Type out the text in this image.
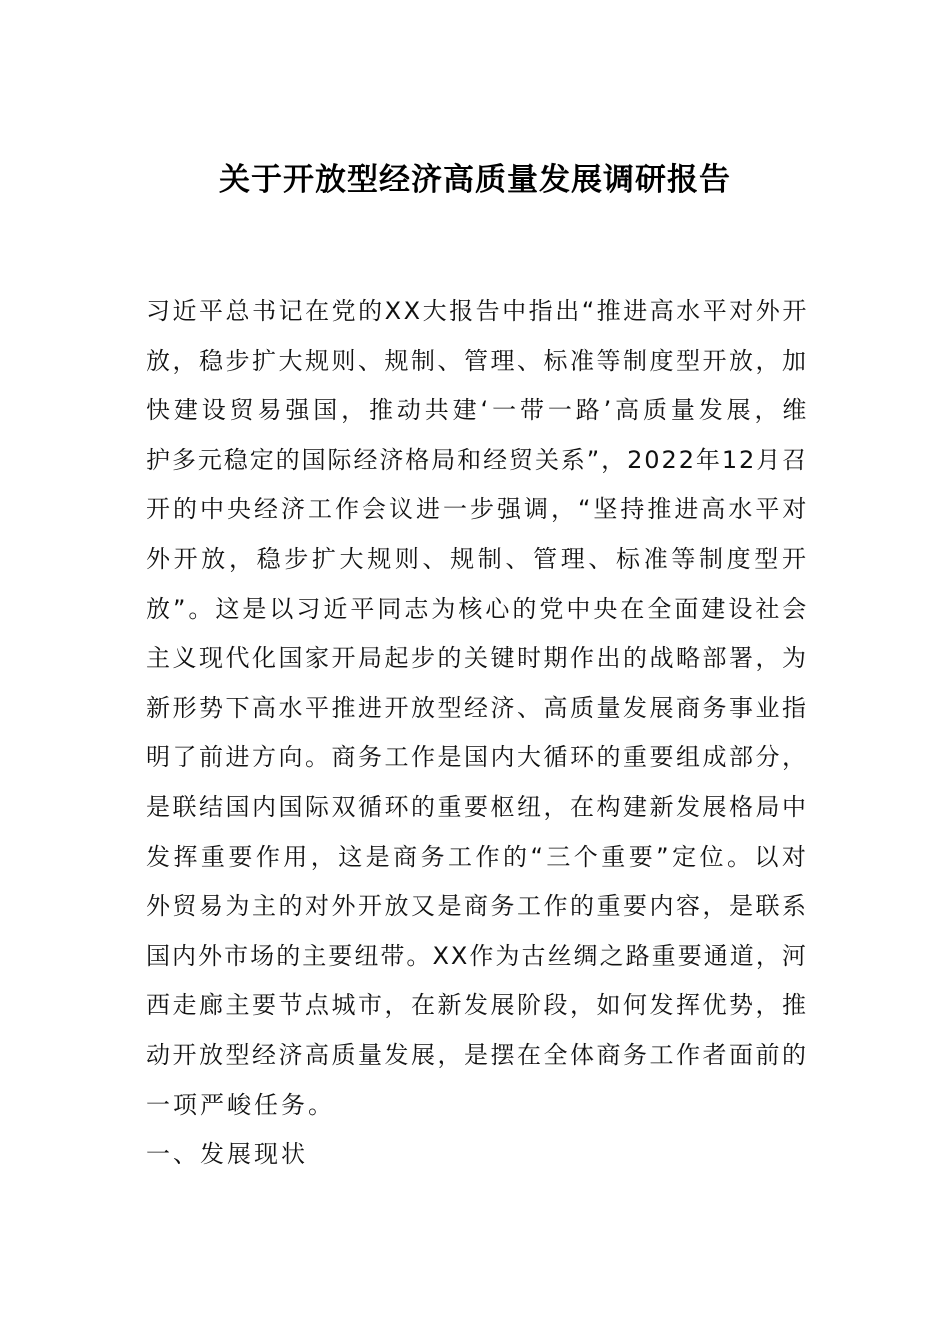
关于开放型经济高质量发展调研报告
习近平总书记在党的XX大报告中指出“推进高水平对外开
放，稳步扩大规则、规制、管理、标准等制度型开放，加
快建设贸易强国，推动共建‘一带一路’高质量发展，维
护多元稳定的国际经济格局和经贸关系”，2022年12月召
开的中央经济工作会议进一步强调，“坚持推进高水平对
外开放，稳步扩大规则、规制、管理、标准等制度型开
放”。这是以习近平同志为核心的党中央在全面建设社会
主义现代化国家开局起步的关键时期作出的战略部署，为
新形势下高水平推进开放型经济、高质量发展商务事业指
明了前进方向。商务工作是国内大循环的重要组成部分，
是联结国内国际双循环的重要枢纽，在构建新发展格局中
发挥重要作用，这是商务工作的“三个重要”定位。以对
外贸易为主的对外开放又是商务工作的重要内容，是联系
国内外市场的主要纽带。XX作为古丝绸之路重要通道，河
西走廊主要节点城市，在新发展阶段，如何发挥优势，推
动开放型经济高质量发展，是摆在全体商务工作者面前的
一项严峻任务。
一、发展现状
